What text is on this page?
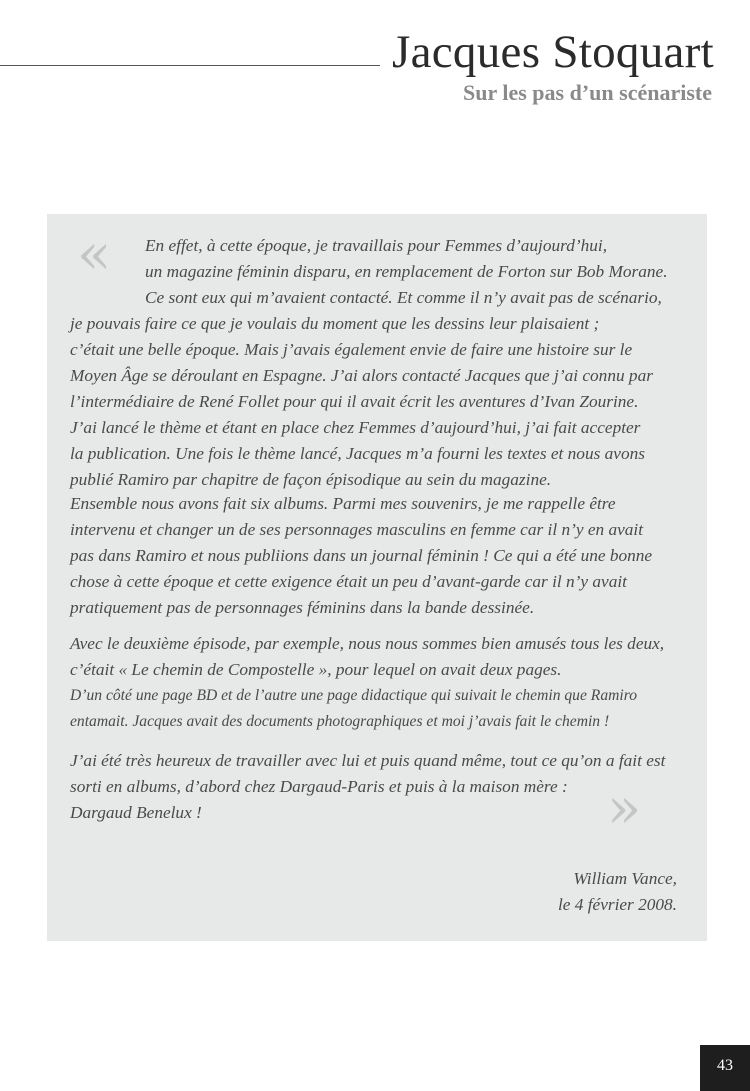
Jacques Stoquart
Sur les pas d’un scénariste
« En effet, à cette époque, je travaillais pour Femmes d’aujourd’hui,
un magazine féminin disparu, en remplacement de Forton sur Bob Morane.
Ce sont eux qui m’avaient contacté. Et comme il n’y avait pas de scénario,
je pouvais faire ce que je voulais du moment que les dessins leur plaisaient ;
c’était une belle époque. Mais j’avais également envie de faire une histoire sur le
Moyen Âge se déroulant en Espagne. J’ai alors contacté Jacques que j’ai connu par
l’intermédiaire de René Follet pour qui il avait écrit les aventures d’Ivan Zourine.
J’ai lancé le thème et étant en place chez Femmes d’aujourd’hui, j’ai fait accepter
la publication. Une fois le thème lancé, Jacques m’a fourni les textes et nous avons
publié Ramiro par chapitre de façon épisodique au sein du magazine.
Ensemble nous avons fait six albums. Parmi mes souvenirs, je me rappelle être
intervenu et changer un de ses personnages masculins en femme car il n’y en avait
pas dans Ramiro et nous publiions dans un journal féminin ! Ce qui a été une bonne
chose à cette époque et cette exigence était un peu d’avant-garde car il n’y avait
pratiquement pas de personnages féminins dans la bande dessinée.
Avec le deuxième épisode, par exemple, nous nous sommes bien amusés tous les deux,
c’était « Le chemin de Compostelle », pour lequel on avait deux pages.
D’un côté une page BD et de l’autre une page didactique qui suivait le chemin que Ramiro
entamait. Jacques avait des documents photographiques et moi j’avais fait le chemin !
J’ai été très heureux de travailler avec lui et puis quand même, tout ce qu’on a fait est
sorti en albums, d’abord chez Dargaud-Paris et puis à la maison mère :
Dargaud Benelux !	»
William Vance,
le 4 février 2008.
43
